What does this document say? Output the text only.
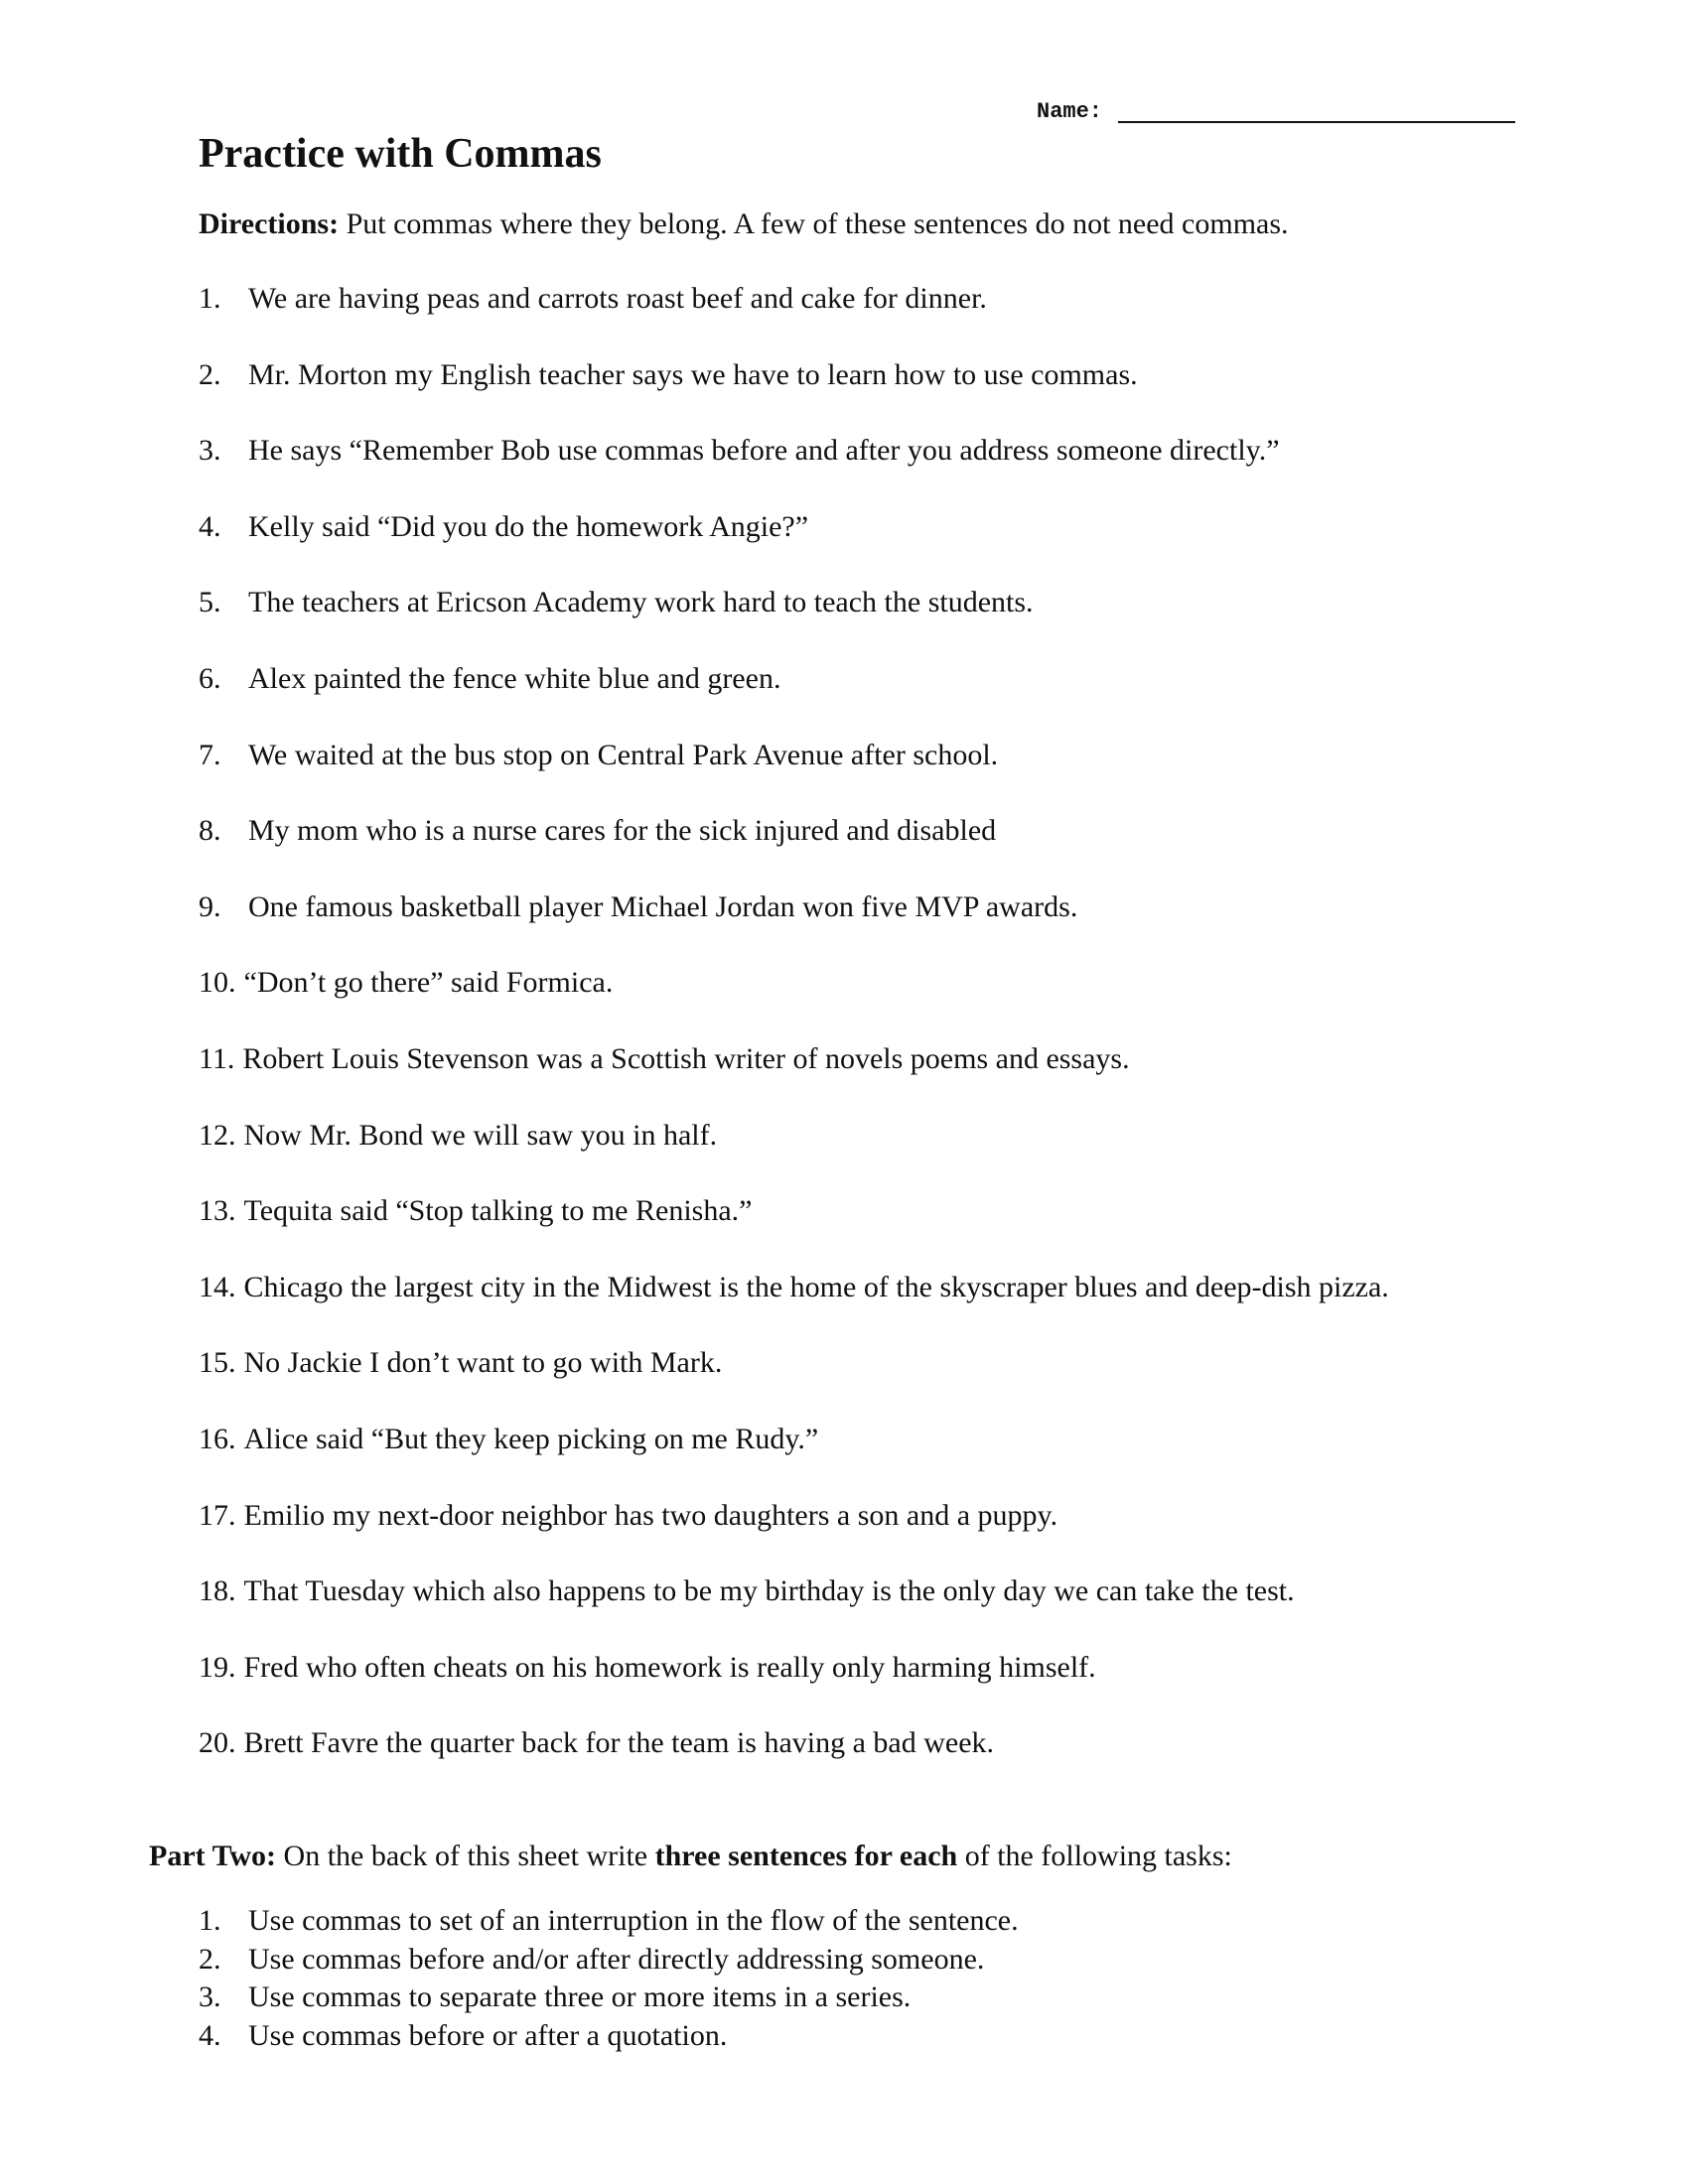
Name:
Practice with Commas
Directions: Put commas where they belong. A few of these sentences do not need commas.
1. We are having peas and carrots roast beef and cake for dinner.
2. Mr. Morton my English teacher says we have to learn how to use commas.
3. He says “Remember Bob use commas before and after you address someone directly.”
4. Kelly said “Did you do the homework Angie?”
5. The teachers at Ericson Academy work hard to teach the students.
6. Alex painted the fence white blue and green.
7. We waited at the bus stop on Central Park Avenue after school.
8. My mom who is a nurse cares for the sick injured and disabled
9. One famous basketball player Michael Jordan won five MVP awards.
10. “Don’t go there” said Formica.
11. Robert Louis Stevenson was a Scottish writer of novels poems and essays.
12. Now Mr. Bond we will saw you in half.
13. Tequita said “Stop talking to me Renisha.”
14. Chicago the largest city in the Midwest is the home of the skyscraper blues and deep-dish pizza.
15. No Jackie I don’t want to go with Mark.
16. Alice said “But they keep picking on me Rudy.”
17. Emilio my next-door neighbor has two daughters a son and a puppy.
18. That Tuesday which also happens to be my birthday is the only day we can take the test.
19. Fred who often cheats on his homework is really only harming himself.
20. Brett Favre the quarter back for the team is having a bad week.
Part Two: On the back of this sheet write three sentences for each of the following tasks:
1. Use commas to set of an interruption in the flow of the sentence.
2. Use commas before and/or after directly addressing someone.
3. Use commas to separate three or more items in a series.
4. Use commas before or after a quotation.
